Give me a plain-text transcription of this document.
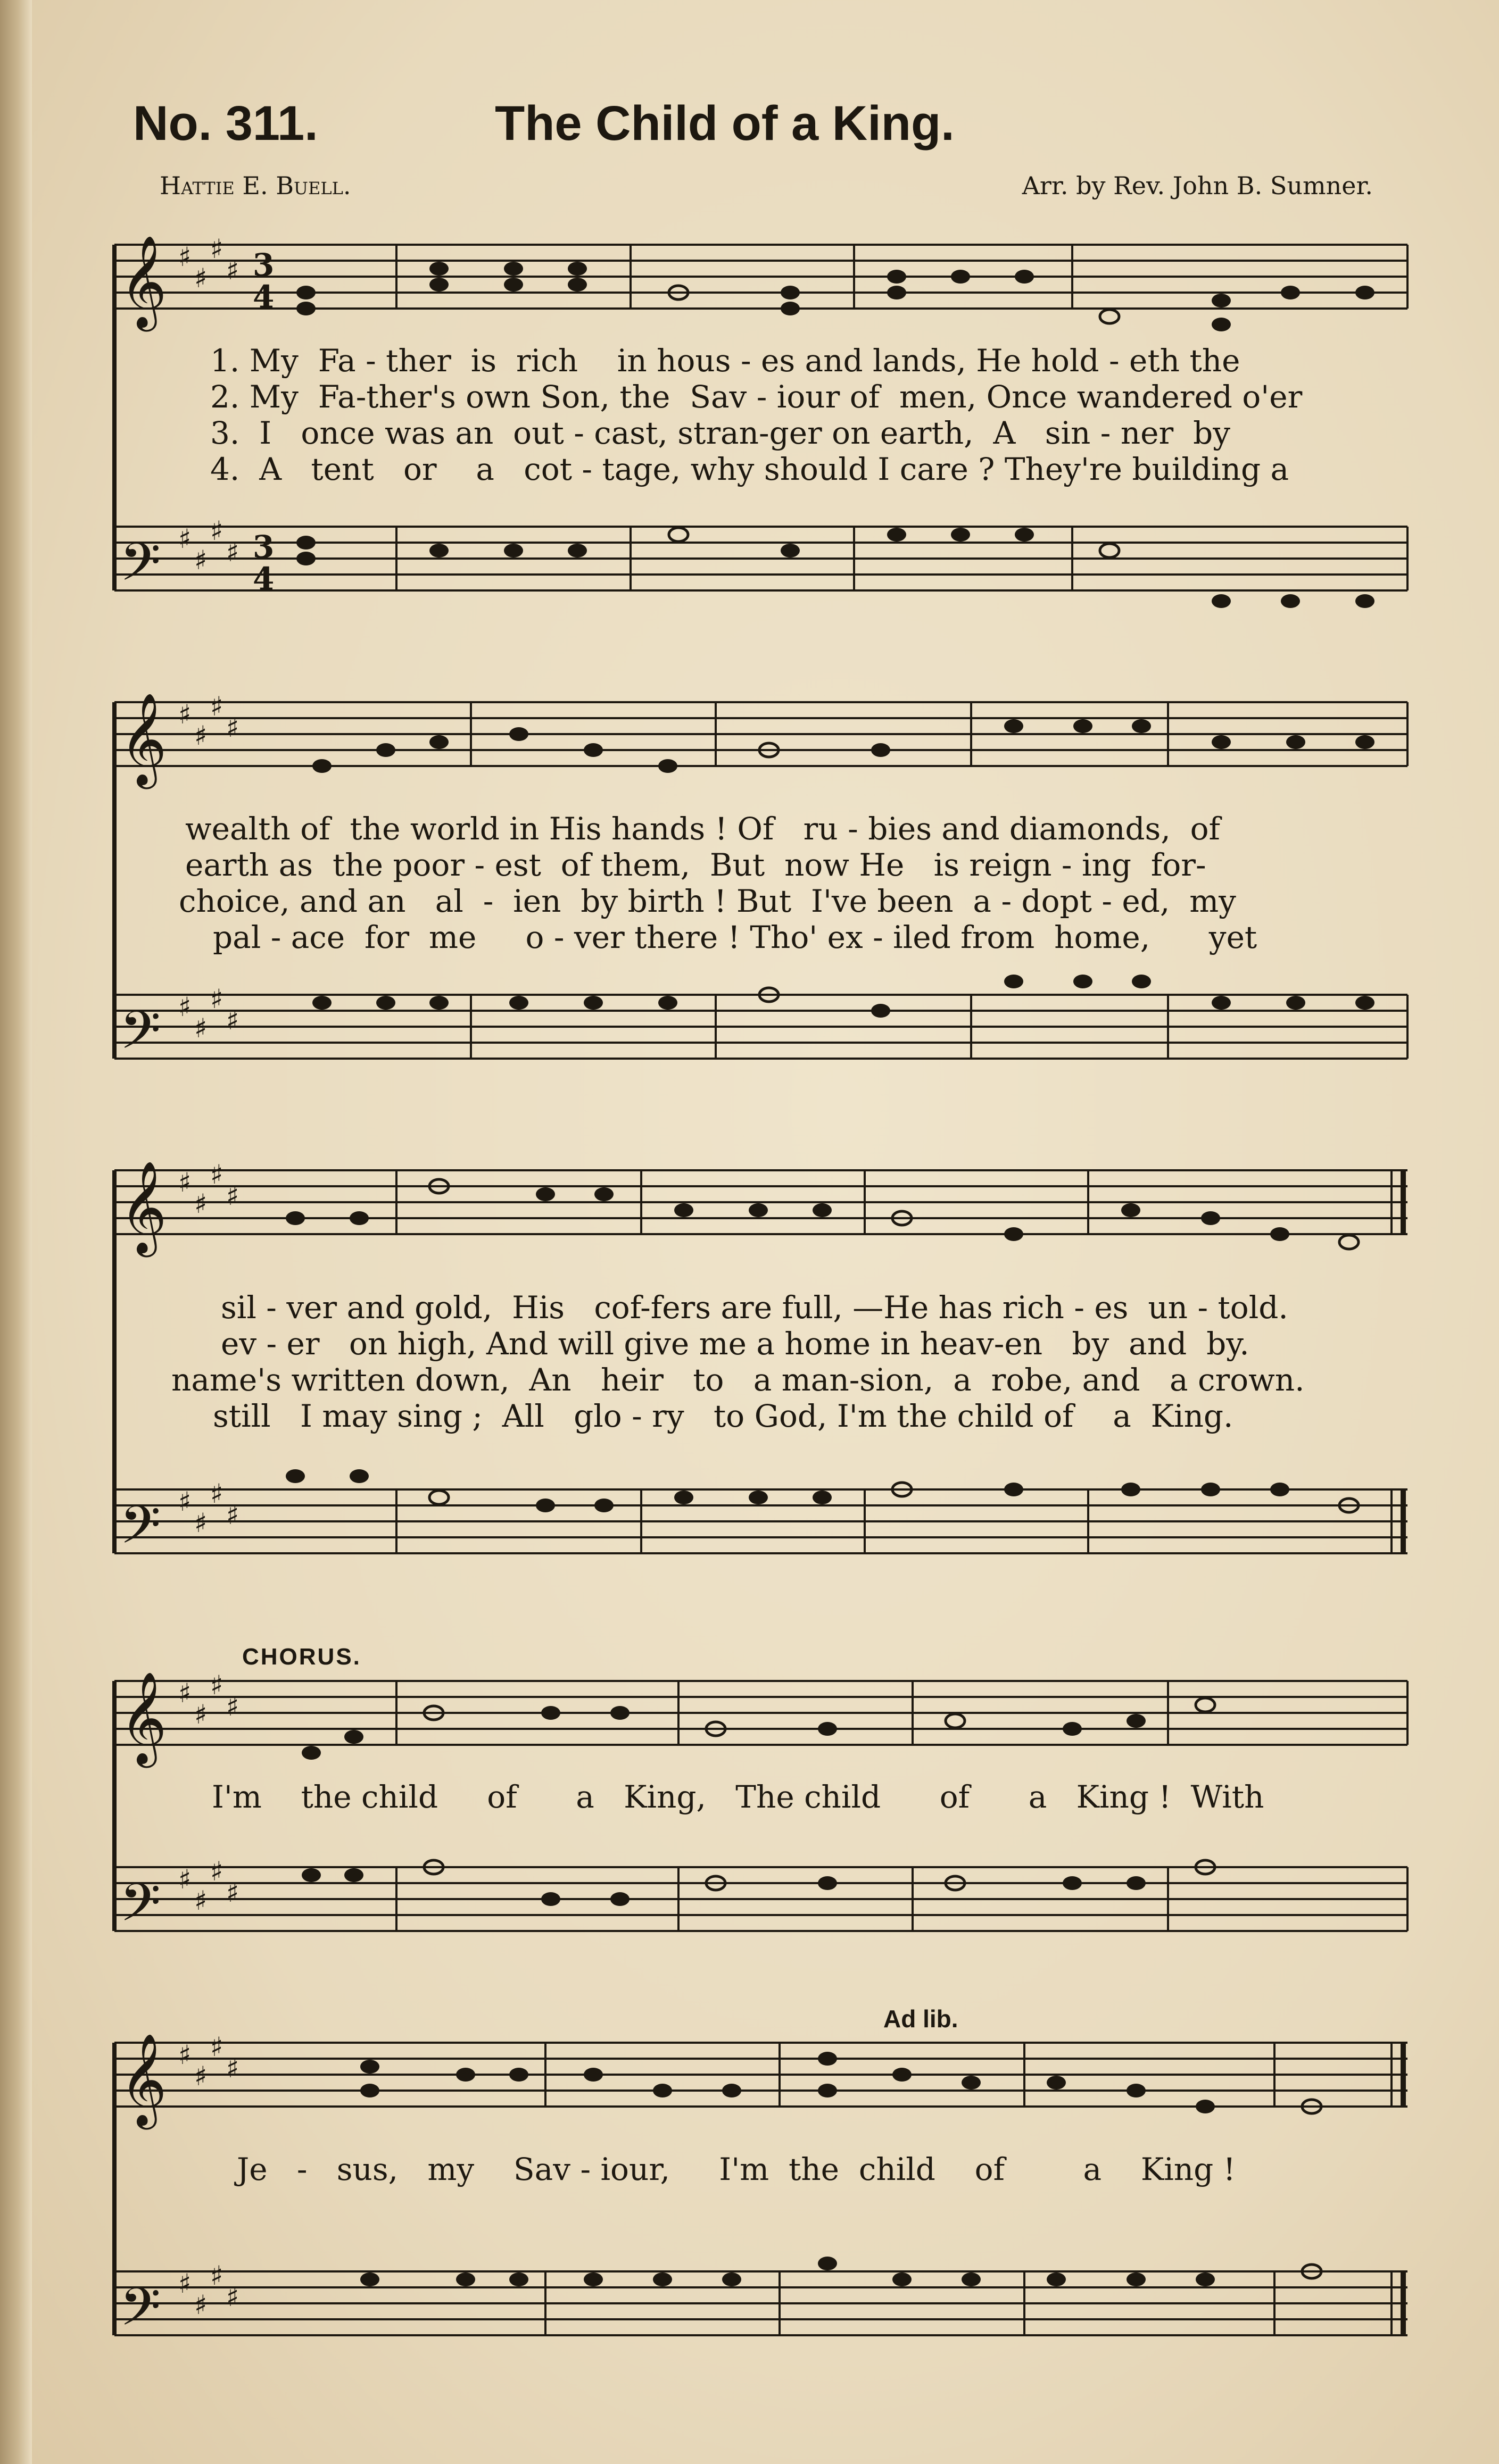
No. 311.	The Child of a King.
Hattie E. Buell.	Arr. by Rev. John B. Sumner.
𝄞
𝄢
♯
♯
♯
♯
♯
♯
♯
♯
3
4
3
4
1. My  Fa - ther  is  rich    in hous - es and lands, He hold - eth the
2. My  Fa-ther's own Son, the  Sav - iour of  men, Once wandered o'er
3.  I   once was an  out - cast, stran-ger on earth,  A   sin - ner  by
4.  A   tent   or    a   cot - tage, why should I care ? They're building a
𝄞
𝄢
♯
♯
♯
♯
♯
♯
♯
♯
wealth of  the world in His hands ! Of   ru - bies and diamonds,  of
earth as  the poor - est  of them,  But  now He   is reign - ing  for-
choice, and an   al  -  ien  by birth ! But  I've been  a - dopt - ed,  my
pal - ace  for  me     o - ver there ! Tho' ex - iled from  home,      yet
𝄞
𝄢
♯
♯
♯
♯
♯
♯
♯
♯
sil - ver and gold,  His   cof-fers are full, —He has rich - es  un - told.
ev - er   on high, And will give me a home in heav-en   by  and  by.
name's written down,  An   heir   to   a man-sion,  a  robe, and   a crown.
still   I may sing ;  All   glo - ry   to God, I'm the child of    a  King.
CHORUS.
𝄞
𝄢
♯
♯
♯
♯
♯
♯
♯
♯
I'm    the child     of      a   King,   The child      of      a   King !  With
Ad lib.
𝄞
𝄢
♯
♯
♯
♯
♯
♯
♯
♯
Je   -   sus,   my    Sav - iour,     I'm  the  child    of        a    King !
